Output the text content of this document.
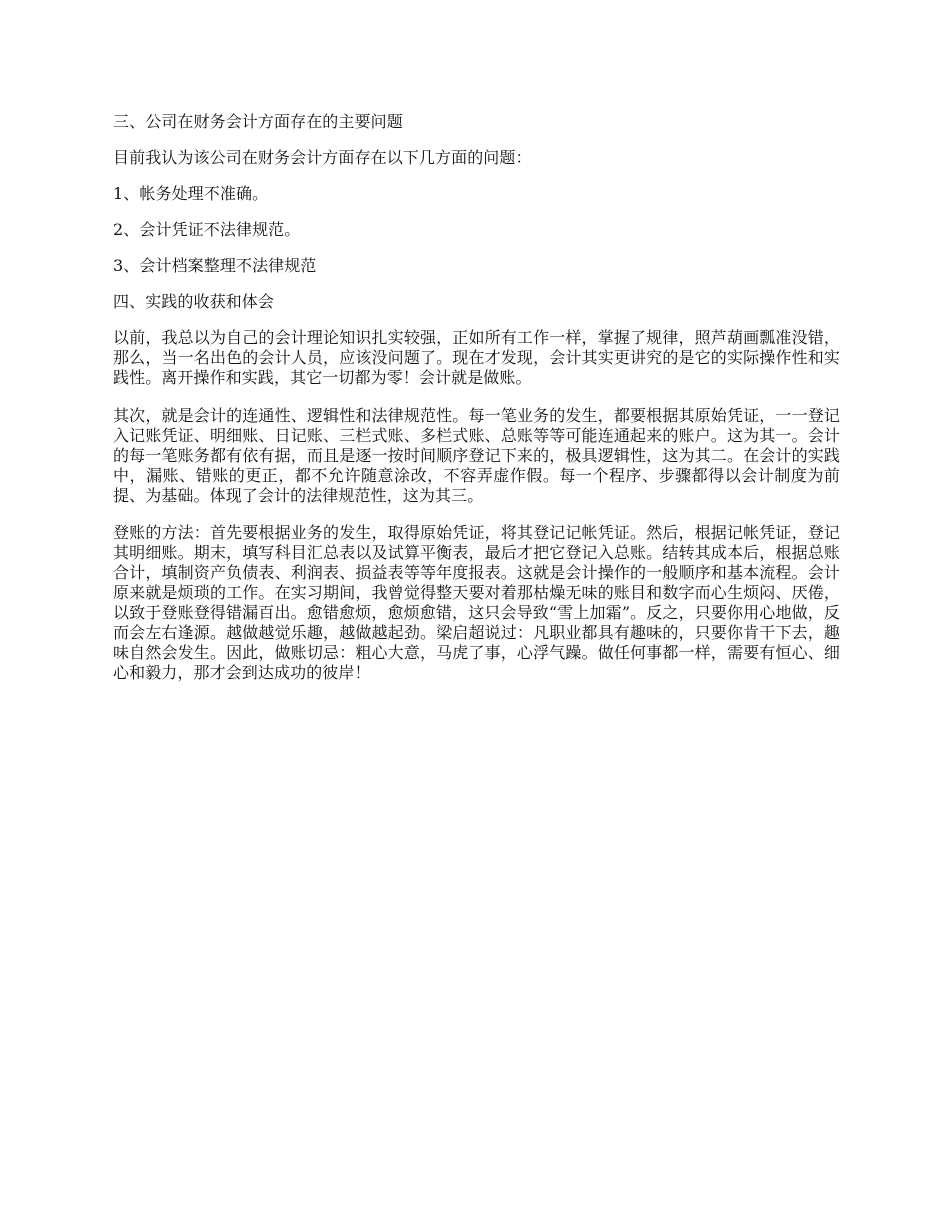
三、公司在财务会计方面存在的主要问题

目前我认为该公司在财务会计方面存在以下几方面的问题：

1、帐务处理不准确。

2、会计凭证不法律规范。

3、会计档案整理不法律规范

四、实践的收获和体会

以前，我总以为自己的会计理论知识扎实较强，正如所有工作一样，掌握了规律，照芦葫画瓢准没错，那么，当一名出色的会计人员，应该没问题了。现在才发现，会计其实更讲究的是它的实际操作性和实践性。离开操作和实践，其它一切都为零！会计就是做账。

其次，就是会计的连通性、逻辑性和法律规范性。每一笔业务的发生，都要根据其原始凭证，一一登记入记账凭证、明细账、日记账、三栏式账、多栏式账、总账等等可能连通起来的账户。这为其一。会计的每一笔账务都有依有据，而且是逐一按时间顺序登记下来的，极具逻辑性，这为其二。在会计的实践中，漏账、错账的更正，都不允许随意涂改，不容弄虚作假。每一个程序、步骤都得以会计制度为前提、为基础。体现了会计的法律规范性，这为其三。

登账的方法：首先要根据业务的发生，取得原始凭证，将其登记记帐凭证。然后，根据记帐凭证，登记其明细账。期末，填写科目汇总表以及试算平衡表，最后才把它登记入总账。结转其成本后，根据总账合计，填制资产负债表、利润表、损益表等等年度报表。这就是会计操作的一般顺序和基本流程。会计原来就是烦琐的工作。在实习期间，我曾觉得整天要对着那枯燥无味的账目和数字而心生烦闷、厌倦，以致于登账登得错漏百出。愈错愈烦，愈烦愈错，这只会导致“雪上加霜”。反之，只要你用心地做，反而会左右逢源。越做越觉乐趣，越做越起劲。梁启超说过：凡职业都具有趣味的，只要你肯干下去，趣味自然会发生。因此，做账切忌：粗心大意，马虎了事，心浮气躁。做任何事都一样，需要有恒心、细心和毅力，那才会到达成功的彼岸！
